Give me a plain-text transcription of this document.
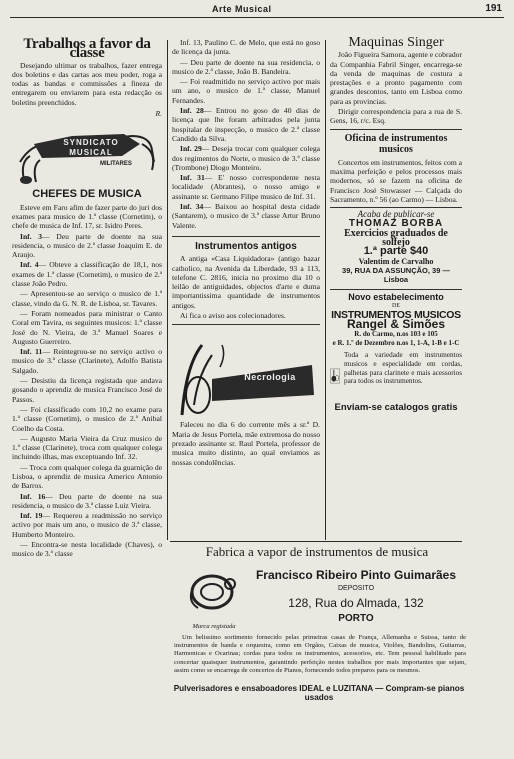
Arte Musical	191
Trabalhos a favor da classe

Desejando ultimar os trabalhos, fazer entrega dos boletins e das cartas aos meu poder, roga a todas as bandas e commissões a fineza de entregarem ou enviarem para esta redacção os boletins preenchidos.

R.
SYNDICATO MUSICAL
MILITARES
CHEFES DE MUSICA

Esteve em Faro afim de fazer parte do juri dos exames para musico de 1.ª classe (Cornetim), o chefe de musica de Inf. 17, sr. Isidro Peres.

Inf. 3— Deu parte de doente na sua residencia, o musico de 2.ª classe Joaquim E. de Araujo.

Inf. 4— Obteve a classificação de 18,1, nos exames de 1.ª classe (Cornetim), o musico de 2.ª classe João Pedro.

— Apresentou-se ao serviço o musico de 1.ª classe, vindo da G. N. R. de Lisboa, sr. Tavares.

— Foram nomeados para ministrar o Canto Coral em Tavira, os seguintes musicos: 1.ª classe José do N. Vieira, de 3.ª Manuel Soares e Augusto Guerreiro.

Inf. 11— Reintegrou-se no serviço activo o musico de 3.ª classe (Clarinete), Adolfo Batista Salgado.

— Desistiu da licença registada que andava gosando o aprendiz de musica Francisco José de Passos.

— Foi classificado com 10,2 no exame para 1.ª classe (Cornetim), o musico de 2.ª Anibal Coelho da Costa.

— Augusto Maria Vieira da Cruz musico de 1.ª classe (Clarinete), troca com qualquer colega incluindo ilhas, mas exceptuando Inf. 32.

— Troca com qualquer colega da guarnição de Lisboa, o aprendiz de musica Americo Antonio de Barros.

Inf. 16— Deu parte de doente na sua residencia, o musico de 3.ª classe Luiz Vieira.

Inf. 19— Requereu a readmissão no serviço activo por mais um ano, o musico de 3.ª classe, Humberto Monteiro.

— Encontra-se nesta localidade (Chaves), o musico de 3.ª classe

Inf. 13, Paulino C. de Melo, que está no goso de licença da junta.

— Deu parte de doente na sua residencia, o musico de 2.ª classe, João B. Bandeira.

— Foi readmitido no serviço activo por mais um ano, o musico de 1.ª classe, Manuel Fernandes.

Inf. 28— Entrou no goso de 40 dias de licença que lhe foram arbitrados pela junta hospitalar de inspecção, o musico de 2.ª classe Candido da Silva.

Inf. 29— Deseja trocar com qualquer colega dos regimentos do Norte, o musico de 3.ª classe (Trombone) Diogo Monteiro.

Inf. 31— E' nosso correspondente nesta localidade (Abrantes), o nosso amigo e assinante sr. Germano Filipe musico de Inf. 31.

Inf. 34— Baixou ao hospital desta cidade (Santarem), o musico de 3.ª classe Artur Bruno Valente.

Instrumentos antigos

A antiga «Casa Liquidadora» (antigo bazar catholico, na Avenida da Liberdade, 93 a 113, telefone C. 2816, inicia no proximo dia 10 o leilão de antiguidades, objectos d'arte e duma importantissima quantidade de instrumentos antigos.

Ai fica o aviso aos colecionadores.

Necrologia

Faleceu no dia 6 do corrente mês a sr.ª D. Maria de Jesus Portela, mãe extremosa do nosso prezado assinante sr. Raul Portela, professor de musica muito distinto, ao qual enviamos as nossas condolências.

Maquinas Singer

João Figueira Samora, agente e cobrador da Companhia Fabril Singer, encarrega-se da venda de maquinas de costura a prestações e a pronto pagamento com grandes descontos, tanto em Lisboa como para as provincias.

Dirigir correspondencia para a rua de S. Gens, 16, r/c. Esq.

Oficina de instrumentos musicos

Concertos em instrumentos, feitos com a maxima perfeição e pelos processos mais modernos, só se fazem na oficina de Francisco José Stowasser — Calçada do Sacramento, n.º 56 (ao Carmo) — Lisboa.

Acaba de publicar-se
THOMAZ BORBA
Exercicios graduados de solfejo
1.ª parte $40
Valentim de Carvalho
39, RUA DA ASSUNÇÃO, 39 — Lisboa
Novo estabelecimento
DE
INSTRUMENTOS MUSICOS
Rangel & Simões
R. do Carmo, n.os 103 e 105
e R. 1.º de Dezembro n.os 1, 1-A, 1-B e 1-C
Toda a variedade em instrumentos musicos e especialidade em cordas, palhetas para clarinete e mais acessorios para todos os instrumentos.
Enviam-se catalogos gratis
Fabrica a vapor de instrumentos de musica
Marca registada
Francisco Ribeiro Pinto Guimarães
DEPOSITO
128, Rua do Almada, 132
PORTO

Um belissimo sortimento fornecido pelas primeiras casas de França, Allemanha e Suissa, tanto de instrumentos de banda e orquestra, como em Orgãos, Caixas de musica, Violões, Bandolins, Guitarras, Harmonicas e Ocarinas; cordas para todos os instrumentos, acessorios, etc. Tem pessoal habilitado para concertar quaisquer instrumentos, garantindo perfeição nestes trabalhos por mais importantes que sejam, assim como se encarrega de concertos de Pianos, fornecendo todos preparos para os mesmos.

Pulverisadores e ensaboadores IDEAL e LUZITANA — Compram-se pianos usados
